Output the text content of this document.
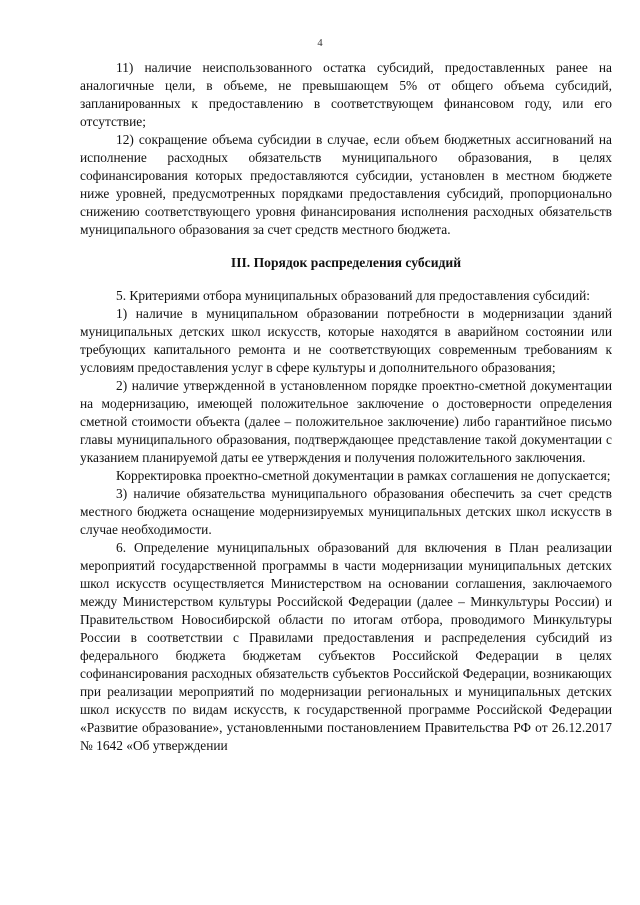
4

11) наличие неиспользованного остатка субсидий, предоставленных ранее на аналогичные цели, в объеме, не превышающем 5% от общего объема субсидий, запланированных к предоставлению в соответствующем финансовом году, или его отсутствие;

12) сокращение объема субсидии в случае, если объем бюджетных ассигнований на исполнение расходных обязательств муниципального образования, в целях софинансирования которых предоставляются субсидии, установлен в местном бюджете ниже уровней, предусмотренных порядками предоставления субсидий, пропорционально снижению соответствующего уровня финансирования исполнения расходных обязательств муниципального образования за счет средств местного бюджета.

III. Порядок распределения субсидий

5. Критериями отбора муниципальных образований для предоставления субсидий:

1) наличие в муниципальном образовании потребности в модернизации зданий муниципальных детских школ искусств, которые находятся в аварийном состоянии или требующих капитального ремонта и не соответствующих современным требованиям к условиям предоставления услуг в сфере культуры и дополнительного образования;

2) наличие утвержденной в установленном порядке проектно-сметной документации на модернизацию, имеющей положительное заключение о достоверности определения сметной стоимости объекта (далее – положительное заключение) либо гарантийное письмо главы муниципального образования, подтверждающее представление такой документации с указанием планируемой даты ее утверждения и получения положительного заключения.

Корректировка проектно-сметной документации в рамках соглашения не допускается;

3) наличие обязательства муниципального образования обеспечить за счет средств местного бюджета оснащение модернизируемых муниципальных детских школ искусств в случае необходимости.

6. Определение муниципальных образований для включения в План реализации мероприятий государственной программы в части модернизации муниципальных детских школ искусств осуществляется Министерством на основании соглашения, заключаемого между Министерством культуры Российской Федерации (далее – Минкультуры России) и Правительством Новосибирской области по итогам отбора, проводимого Минкультуры России в соответствии с Правилами предоставления и распределения субсидий из федерального бюджета бюджетам субъектов Российской Федерации в целях софинансирования расходных обязательств субъектов Российской Федерации, возникающих при реализации мероприятий по модернизации региональных и муниципальных детских школ искусств по видам искусств, к государственной программе Российской Федерации «Развитие образование», установленными постановлением Правительства РФ от 26.12.2017 № 1642 «Об утверждении
